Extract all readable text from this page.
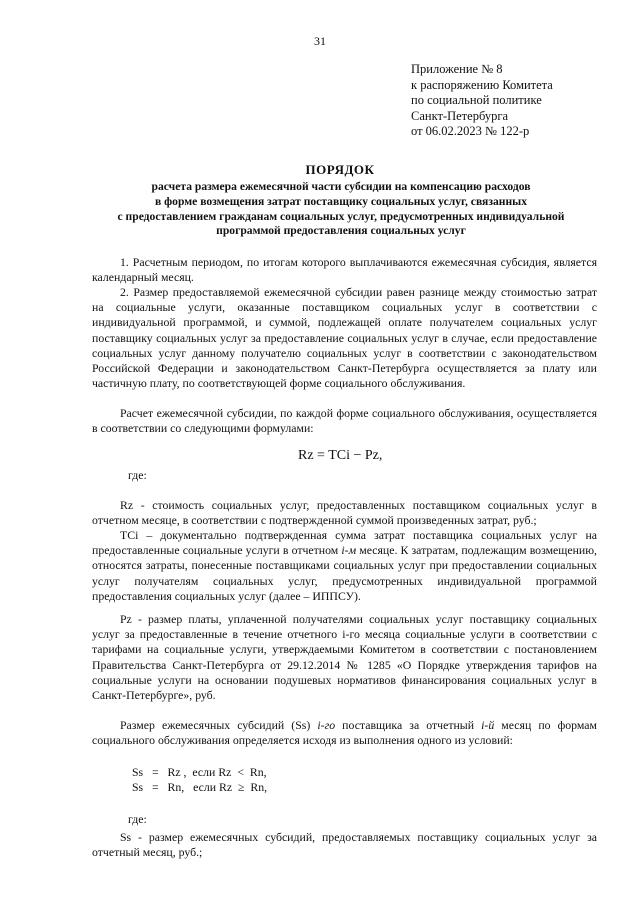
31
Приложение № 8
к распоряжению Комитета
по социальной политике
Санкт-Петербурга
от 06.02.2023 № 122-р
ПОРЯДОК
расчета размера ежемесячной части субсидии на компенсацию расходов
в форме возмещения затрат поставщику социальных услуг, связанных
с предоставлением гражданам социальных услуг, предусмотренных индивидуальной
программой предоставления социальных услуг

1. Расчетным периодом, по итогам которого выплачиваются ежемесячная субсидия, является календарный месяц.

2. Размер предоставляемой ежемесячной субсидии равен разнице между стоимостью затрат на социальные услуги, оказанные поставщиком социальных услуг в соответствии с индивидуальной программой, и суммой, подлежащей оплате получателем социальных услуг поставщику социальных услуг за предоставление социальных услуг в случае, если предоставление социальных услуг данному получателю социальных услуг в соответствии с законодательством Российской Федерации и законодательством Санкт-Петербурга осуществляется за плату или частичную плату, по соответствующей форме социального обслуживания.

Расчет ежемесячной субсидии, по каждой форме социального обслуживания, осуществляется в соответствии со следующими формулами:

Rz = TCi − Pz,
где:

Rz - стоимость социальных услуг, предоставленных поставщиком социальных услуг в отчетном месяце, в соответствии с подтвержденной суммой произведенных затрат, руб.;

TCi – документально подтвержденная сумма затрат поставщика социальных услуг на предоставленные социальные услуги в отчетном i-м месяце. К затратам, подлежащим возмещению, относятся затраты, понесенные поставщиками социальных услуг при предоставлении социальных услуг получателям социальных услуг, предусмотренных индивидуальной программой предоставления социальных услуг (далее – ИППСУ).

Pz - размер платы, уплаченной получателями социальных услуг поставщику социальных услуг за предоставленные в течение отчетного i-го месяца социальные услуги в соответствии с тарифами на социальные услуги, утверждаемыми Комитетом в соответствии с постановлением Правительства Санкт-Петербурга от 29.12.2014 № 1285 «О Порядке утверждения тарифов на социальные услуги на основании подушевых нормативов финансирования социальных услуг в Санкт-Петербурге», руб.

Размер ежемесячных субсидий (Ss) i-го поставщика за отчетный i-й месяц по формам социального обслуживания определяется исходя из выполнения одного из условий:

Ss   =   Rz ,  если Rz  <  Rn,
Ss   =   Rn,   если Rz  ≥  Rn,
где:

Ss - размер ежемесячных субсидий, предоставляемых поставщику социальных услуг за отчетный месяц, руб.;
